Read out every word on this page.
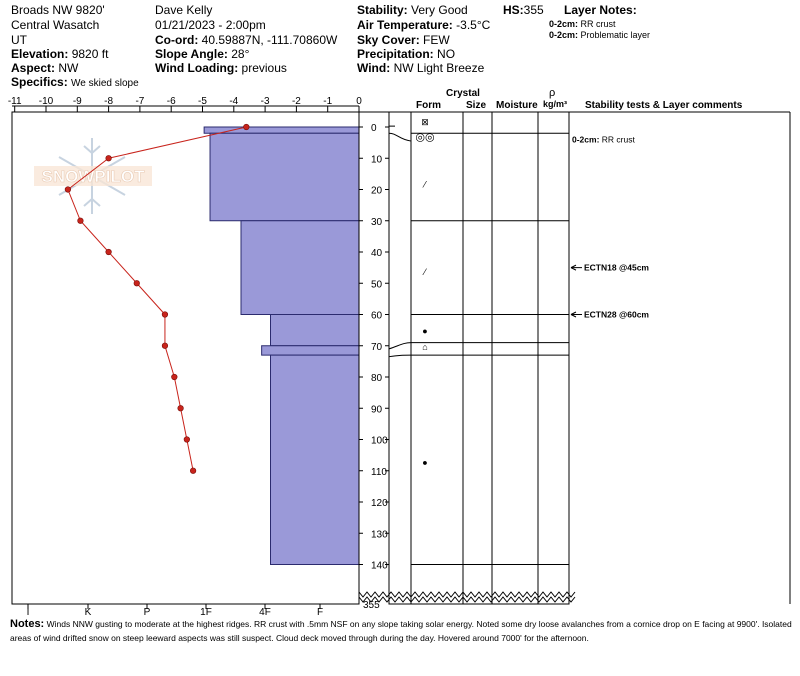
Broads NW 9820'
Central Wasatch
UT
Elevation: 9820 ft
Aspect: NW
Specifics: We skied slope
Dave Kelly
01/21/2023 - 2:00pm
Co-ord: 40.59887N, -111.70860W
Slope Angle: 28°
Wind Loading: previous
Stability: Very Good
Air Temperature: -3.5°C
Sky Cover: FEW
Precipitation: NO
Wind: NW Light Breeze
HS:355 Layer Notes:
0-2cm: RR crust
0-2cm: Problematic layer
Crystal
Form	Size Moisture
ρ
kg/m³ Stability tests & Layer comments
SNOWPILOT
-11 -10 -9 -8 -7 -6 -5 -4 -3 -2 -1 0
I	K	P	1F	4F	F
0
10
20
30
40
50
60
70
80
90
100
110
120
130
140
355
⊠
◎◎
⁄
⁄
●
⌂
●
0-2cm: RR crust
ECTN18 @45cm
ECTN28 @60cm
Notes: Winds NNW gusting to moderate at the highest ridges. RR crust with .5mm NSF on any slope taking solar energy. Noted some dry loose avalanches from a cornice drop on E facing at 9900'. Isolated areas of wind drifted snow on steep leeward aspects was still suspect. Cloud deck moved through during the day. Hovered around 7000' for the afternoon.
